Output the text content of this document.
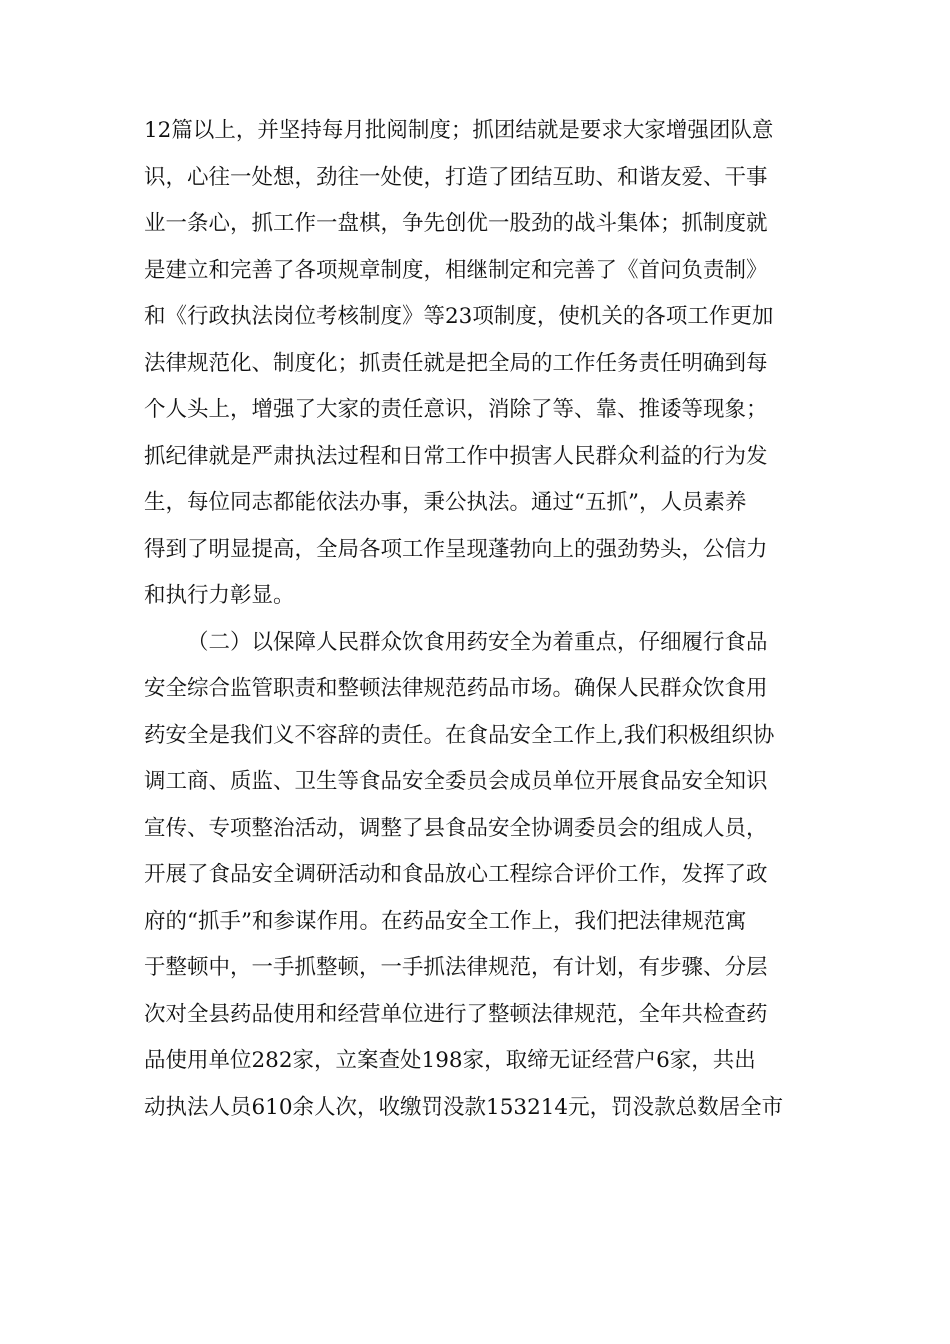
12篇以上，并坚持每月批阅制度；抓团结就是要求大家增强团队意
识，心往一处想，劲往一处使，打造了团结互助、和谐友爱、干事
业一条心，抓工作一盘棋，争先创优一股劲的战斗集体；抓制度就
是建立和完善了各项规章制度，相继制定和完善了《首问负责制》
和《行政执法岗位考核制度》等23项制度，使机关的各项工作更加
法律规范化、制度化；抓责任就是把全局的工作任务责任明确到每
个人头上，增强了大家的责任意识，消除了等、靠、推诿等现象；
抓纪律就是严肃执法过程和日常工作中损害人民群众利益的行为发
生，每位同志都能依法办事，秉公执法。通过“五抓”，人员素养
得到了明显提高，全局各项工作呈现蓬勃向上的强劲势头，公信力
和执行力彰显。
（二）以保障人民群众饮食用药安全为着重点，仔细履行食品
安全综合监管职责和整顿法律规范药品市场。确保人民群众饮食用
药安全是我们义不容辞的责任。在食品安全工作上,我们积极组织协
调工商、质监、卫生等食品安全委员会成员单位开展食品安全知识
宣传、专项整治活动，调整了县食品安全协调委员会的组成人员，
开展了食品安全调研活动和食品放心工程综合评价工作，发挥了政
府的“抓手”和参谋作用。在药品安全工作上，我们把法律规范寓
于整顿中，一手抓整顿，一手抓法律规范，有计划，有步骤、分层
次对全县药品使用和经营单位进行了整顿法律规范，全年共检查药
品使用单位282家，立案查处198家，取缔无证经营户6家，共出
动执法人员610余人次，收缴罚没款153214元，罚没款总数居全市
